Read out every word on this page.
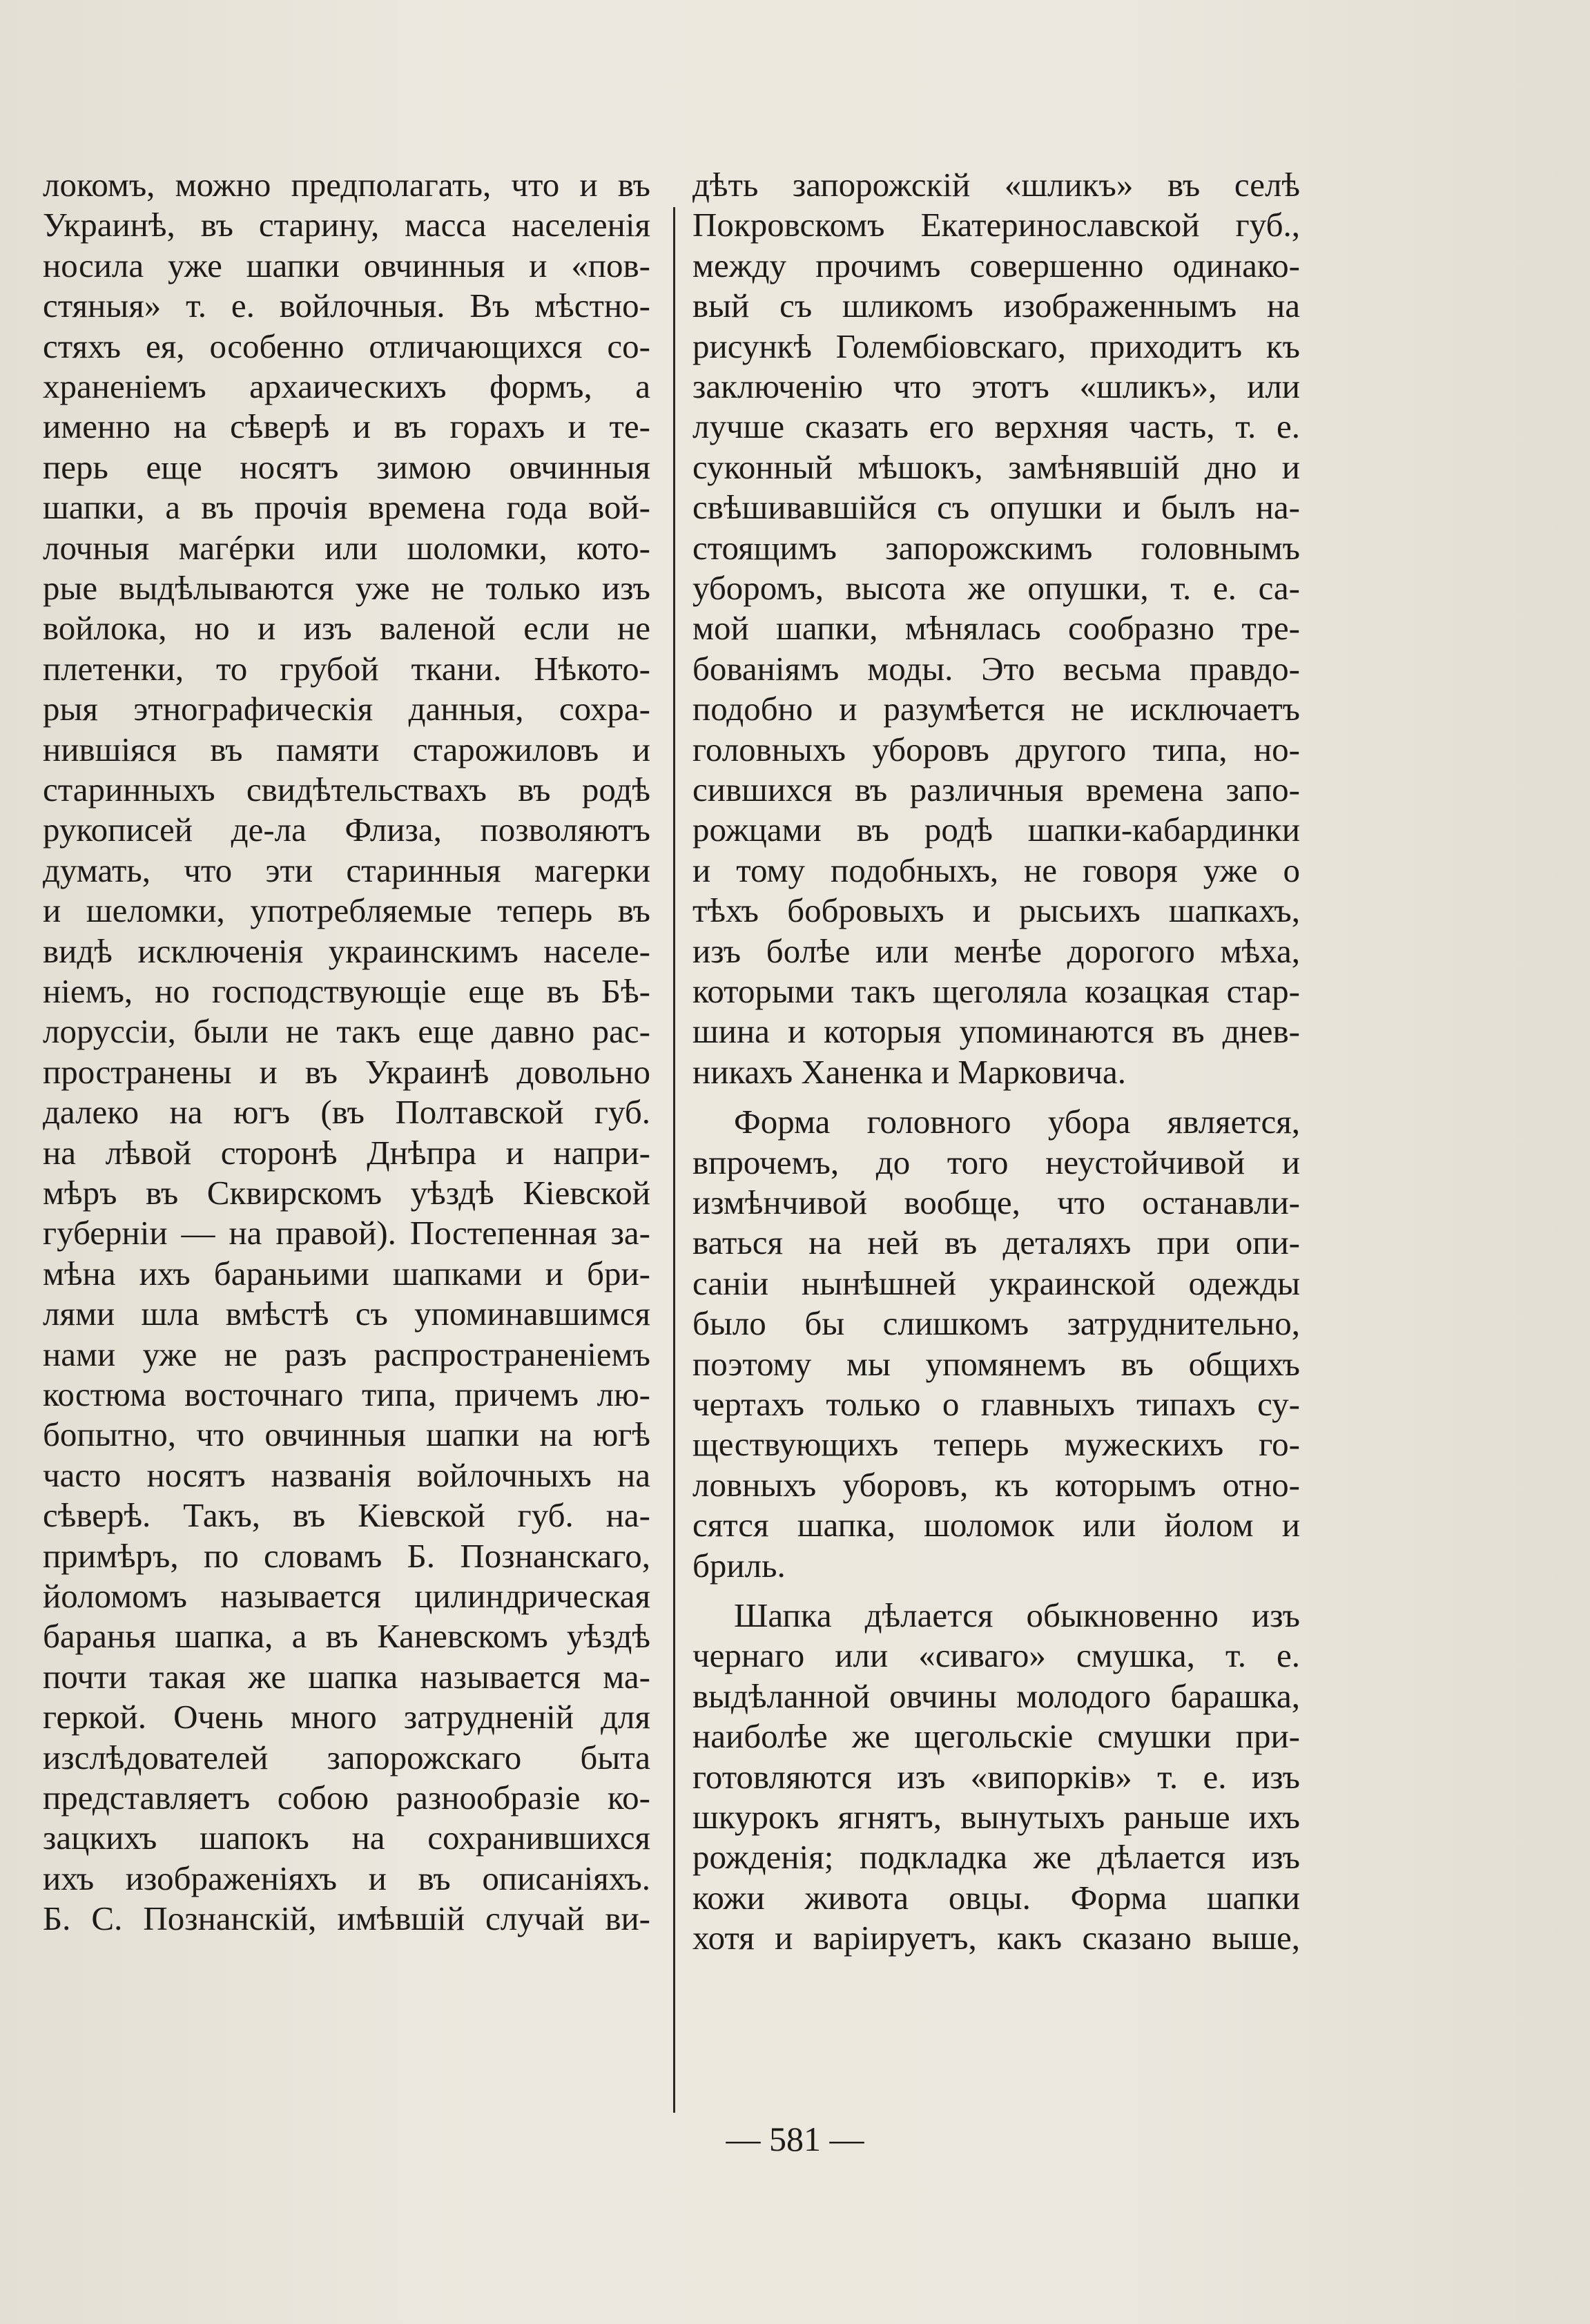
локомъ, можно предполагать, что и въ
Украинѣ, въ старину, масса населенія
носила уже шапки овчинныя и «пов-
стяныя» т. е. войлочныя. Въ мѣстно-
стяхъ ея, особенно отличающихся со-
храненіемъ архаическихъ формъ, а
именно на сѣверѣ и въ горахъ и те-
перь еще носятъ зимою овчинныя
шапки, а въ прочія времена года вой-
лочныя магéрки или шоломки, кото-
рые выдѣлываются уже не только изъ
войлока, но и изъ валеной если не
плетенки, то грубой ткани. Нѣкото-
рыя этнографическія данныя, сохра-
нившіяся въ памяти старожиловъ и
старинныхъ свидѣтельствахъ въ родѣ
рукописей де-ла Флиза, позволяютъ
думать, что эти старинныя магерки
и шеломки, употребляемые теперь въ
видѣ исключенія украинскимъ населе-
ніемъ, но господствующіе еще въ Бѣ-
лоруссіи, были не такъ еще давно рас-
пространены и въ Украинѣ довольно
далеко на югъ (въ Полтавской губ.
на лѣвой сторонѣ Днѣпра и напри-
мѣръ въ Сквирскомъ уѣздѣ Кіевской
губерніи — на правой). Постепенная за-
мѣна ихъ бараньими шапками и бри-
лями шла вмѣстѣ съ упоминавшимся
нами уже не разъ распространеніемъ
костюма восточнаго типа, причемъ лю-
бопытно, что овчинныя шапки на югѣ
часто носятъ названія войлочныхъ на
сѣверѣ. Такъ, въ Кіевской губ. на-
примѣръ, по словамъ Б. Познанскаго,
йоломомъ называется цилиндрическая
баранья шапка, а въ Каневскомъ уѣздѣ
почти такая же шапка называется ма-
геркой. Очень много затрудненій для
изслѣдователей запорожскаго быта
представляетъ собою разнообразіе ко-
зацкихъ шапокъ на сохранившихся
ихъ изображеніяхъ и въ описаніяхъ.
Б. С. Познанскій, имѣвшій случай ви-
дѣть запорожскій «шликъ» въ селѣ
Покровскомъ Екатеринославской губ.,
между прочимъ совершенно одинако-
вый съ шликомъ изображеннымъ на
рисункѣ Голембіовскаго, приходитъ къ
заключенію что этотъ «шликъ», или
лучше сказать его верхняя часть, т. е.
суконный мѣшокъ, замѣнявшій дно и
свѣшивавшійся съ опушки и былъ на-
стоящимъ запорожскимъ головнымъ
уборомъ, высота же опушки, т. е. са-
мой шапки, мѣнялась сообразно тре-
бованіямъ моды. Это весьма правдо-
подобно и разумѣется не исключаетъ
головныхъ уборовъ другого типа, но-
сившихся въ различныя времена запо-
рожцами въ родѣ шапки-кабардинки
и тому подобныхъ, не говоря уже о
тѣхъ бобровыхъ и рысьихъ шапкахъ,
изъ болѣе или менѣе дорогого мѣха,
которыми такъ щеголяла козацкая стар-
шина и которыя упоминаются въ днев-
никахъ Ханенка и Марковича.
Форма головного убора является,
впрочемъ, до того неустойчивой и
измѣнчивой вообще, что останавли-
ваться на ней въ деталяхъ при опи-
саніи нынѣшней украинской одежды
было бы слишкомъ затруднительно,
поэтому мы упомянемъ въ общихъ
чертахъ только о главныхъ типахъ су-
ществующихъ теперь мужескихъ го-
ловныхъ уборовъ, къ которымъ отно-
сятся шапка, шоломок или йолом и
бриль.
Шапка дѣлается обыкновенно изъ
чернаго или «сиваго» смушка, т. е.
выдѣланной овчины молодого барашка,
наиболѣе же щегольскіе смушки при-
готовляются изъ «випорків» т. е. изъ
шкурокъ ягнятъ, вынутыхъ раньше ихъ
рожденія; подкладка же дѣлается изъ
кожи живота овцы. Форма шапки
хотя и варіируетъ, какъ сказано выше,
— 581 —
